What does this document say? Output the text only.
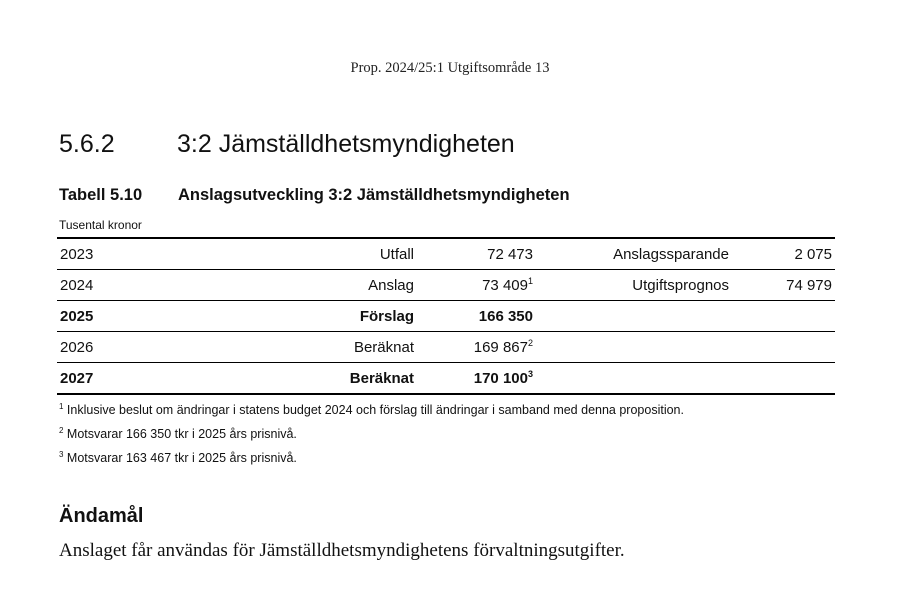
Prop. 2024/25:1 Utgiftsområde 13
5.6.2 3:2 Jämställdhetsmyndigheten
Tabell 5.10 Anslagsutveckling 3:2 Jämställdhetsmyndigheten
Tusental kronor
2023	Utfall	72 473	Anslagssparande	2 075
2024	Anslag	73 $409^1$	Utgiftsprognos	74 979
2025	Förslag	166 350		
2026	Beräknat	169 $867^2$		
2027	Beräknat	170 $100^3$		
$^1$ Inklusive beslut om ändringar i statens budget 2024 och förslag till ändringar i samband med denna proposition.
$^2$ Motsvarar 166 350 tkr i 2025 års prisnivå.
$^3$ Motsvarar 163 467 tkr i 2025 års prisnivå.
Ändamål
Anslaget får användas för Jämställdhetsmyndighetens förvaltningsutgifter.
